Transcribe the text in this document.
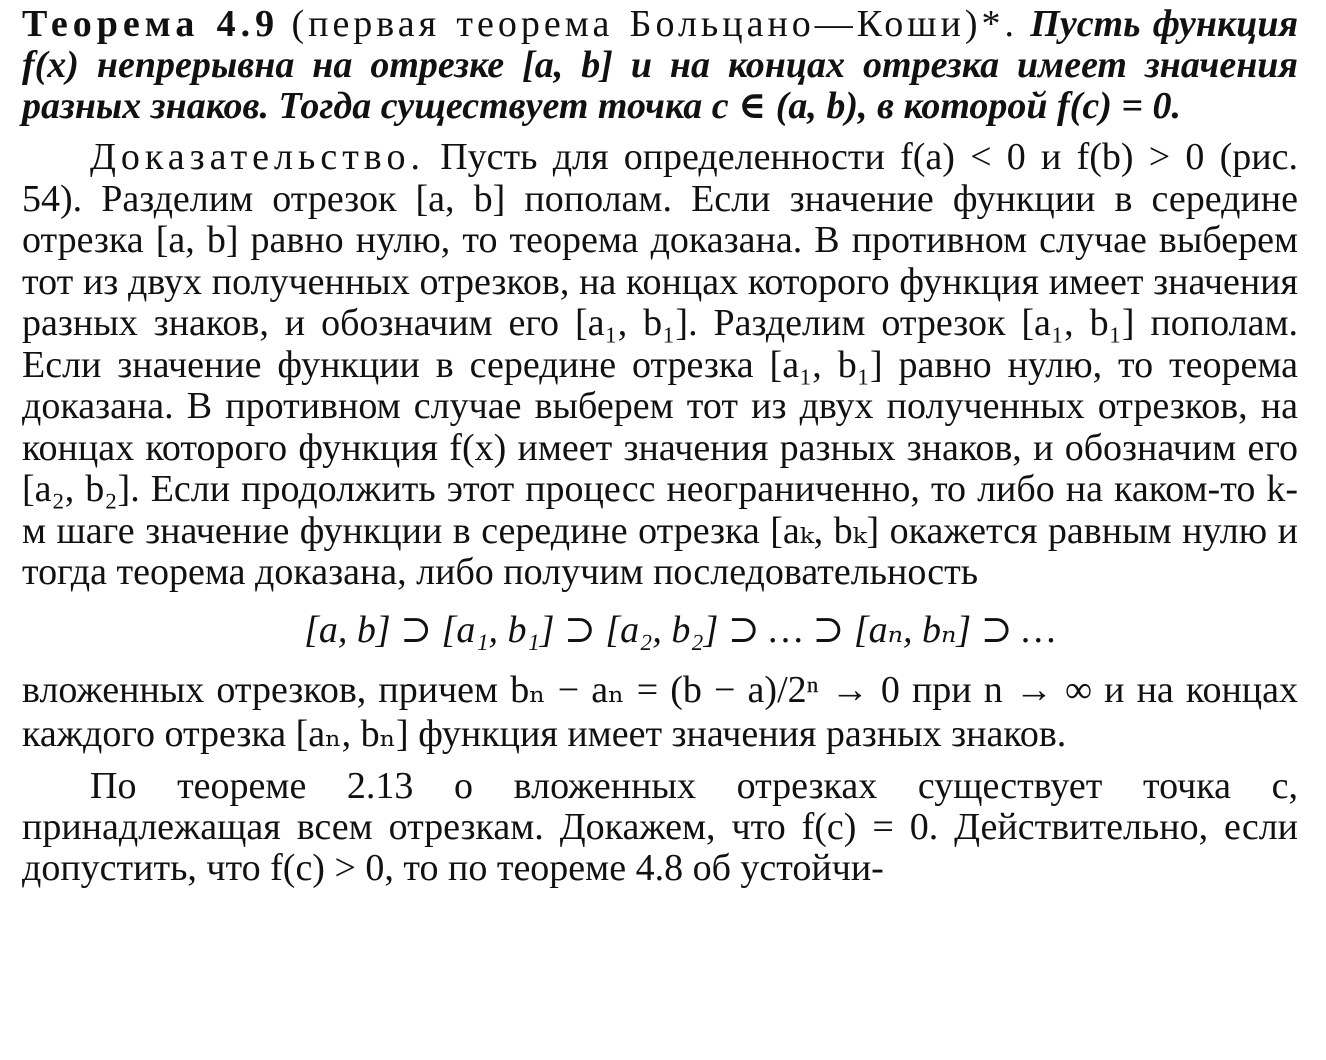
Теорема 4.9 (первая теорема Больцано—Коши)*. Пусть функция f(x) непрерывна на отрезке [a, b] и на концах отрезка имеет значения разных знаков. Тогда существует точка c ∈ (a, b), в которой f(c) = 0.

Доказательство. Пусть для определенности f(a) < 0 и f(b) > 0 (рис. 54). Разделим отрезок [a, b] пополам. Если значение функции в середине отрезка [a, b] равно нулю, то теорема доказана. В противном случае выберем тот из двух полученных отрезков, на концах которого функция имеет значения разных знаков, и обозначим его [a₁, b₁]. Разделим отрезок [a₁, b₁] пополам. Если значение функции в середине отрезка [a₁, b₁] равно нулю, то теорема доказана. В противном случае выберем тот из двух полученных отрезков, на концах которого функция f(x) имеет значения разных знаков, и обозначим его [a₂, b₂]. Если продолжить этот процесс неограниченно, то либо на каком-то k-м шаге значение функции в середине отрезка [aₖ, bₖ] окажется равным нулю и тогда теорема доказана, либо получим последовательность

[a, b] ⊃ [a₁, b₁] ⊃ [a₂, b₂] ⊃ … ⊃ [aₙ, bₙ] ⊃ …

вложенных отрезков, причем bₙ − aₙ = (b − a)/2ⁿ → 0 при n → ∞ и на концах каждого отрезка [aₙ, bₙ] функция имеет значения разных знаков.

По теореме 2.13 о вложенных отрезках существует точка c, принадлежащая всем отрезкам. Докажем, что f(c) = 0. Действительно, если допустить, что f(c) > 0, то по теореме 4.8 об устойчи-
